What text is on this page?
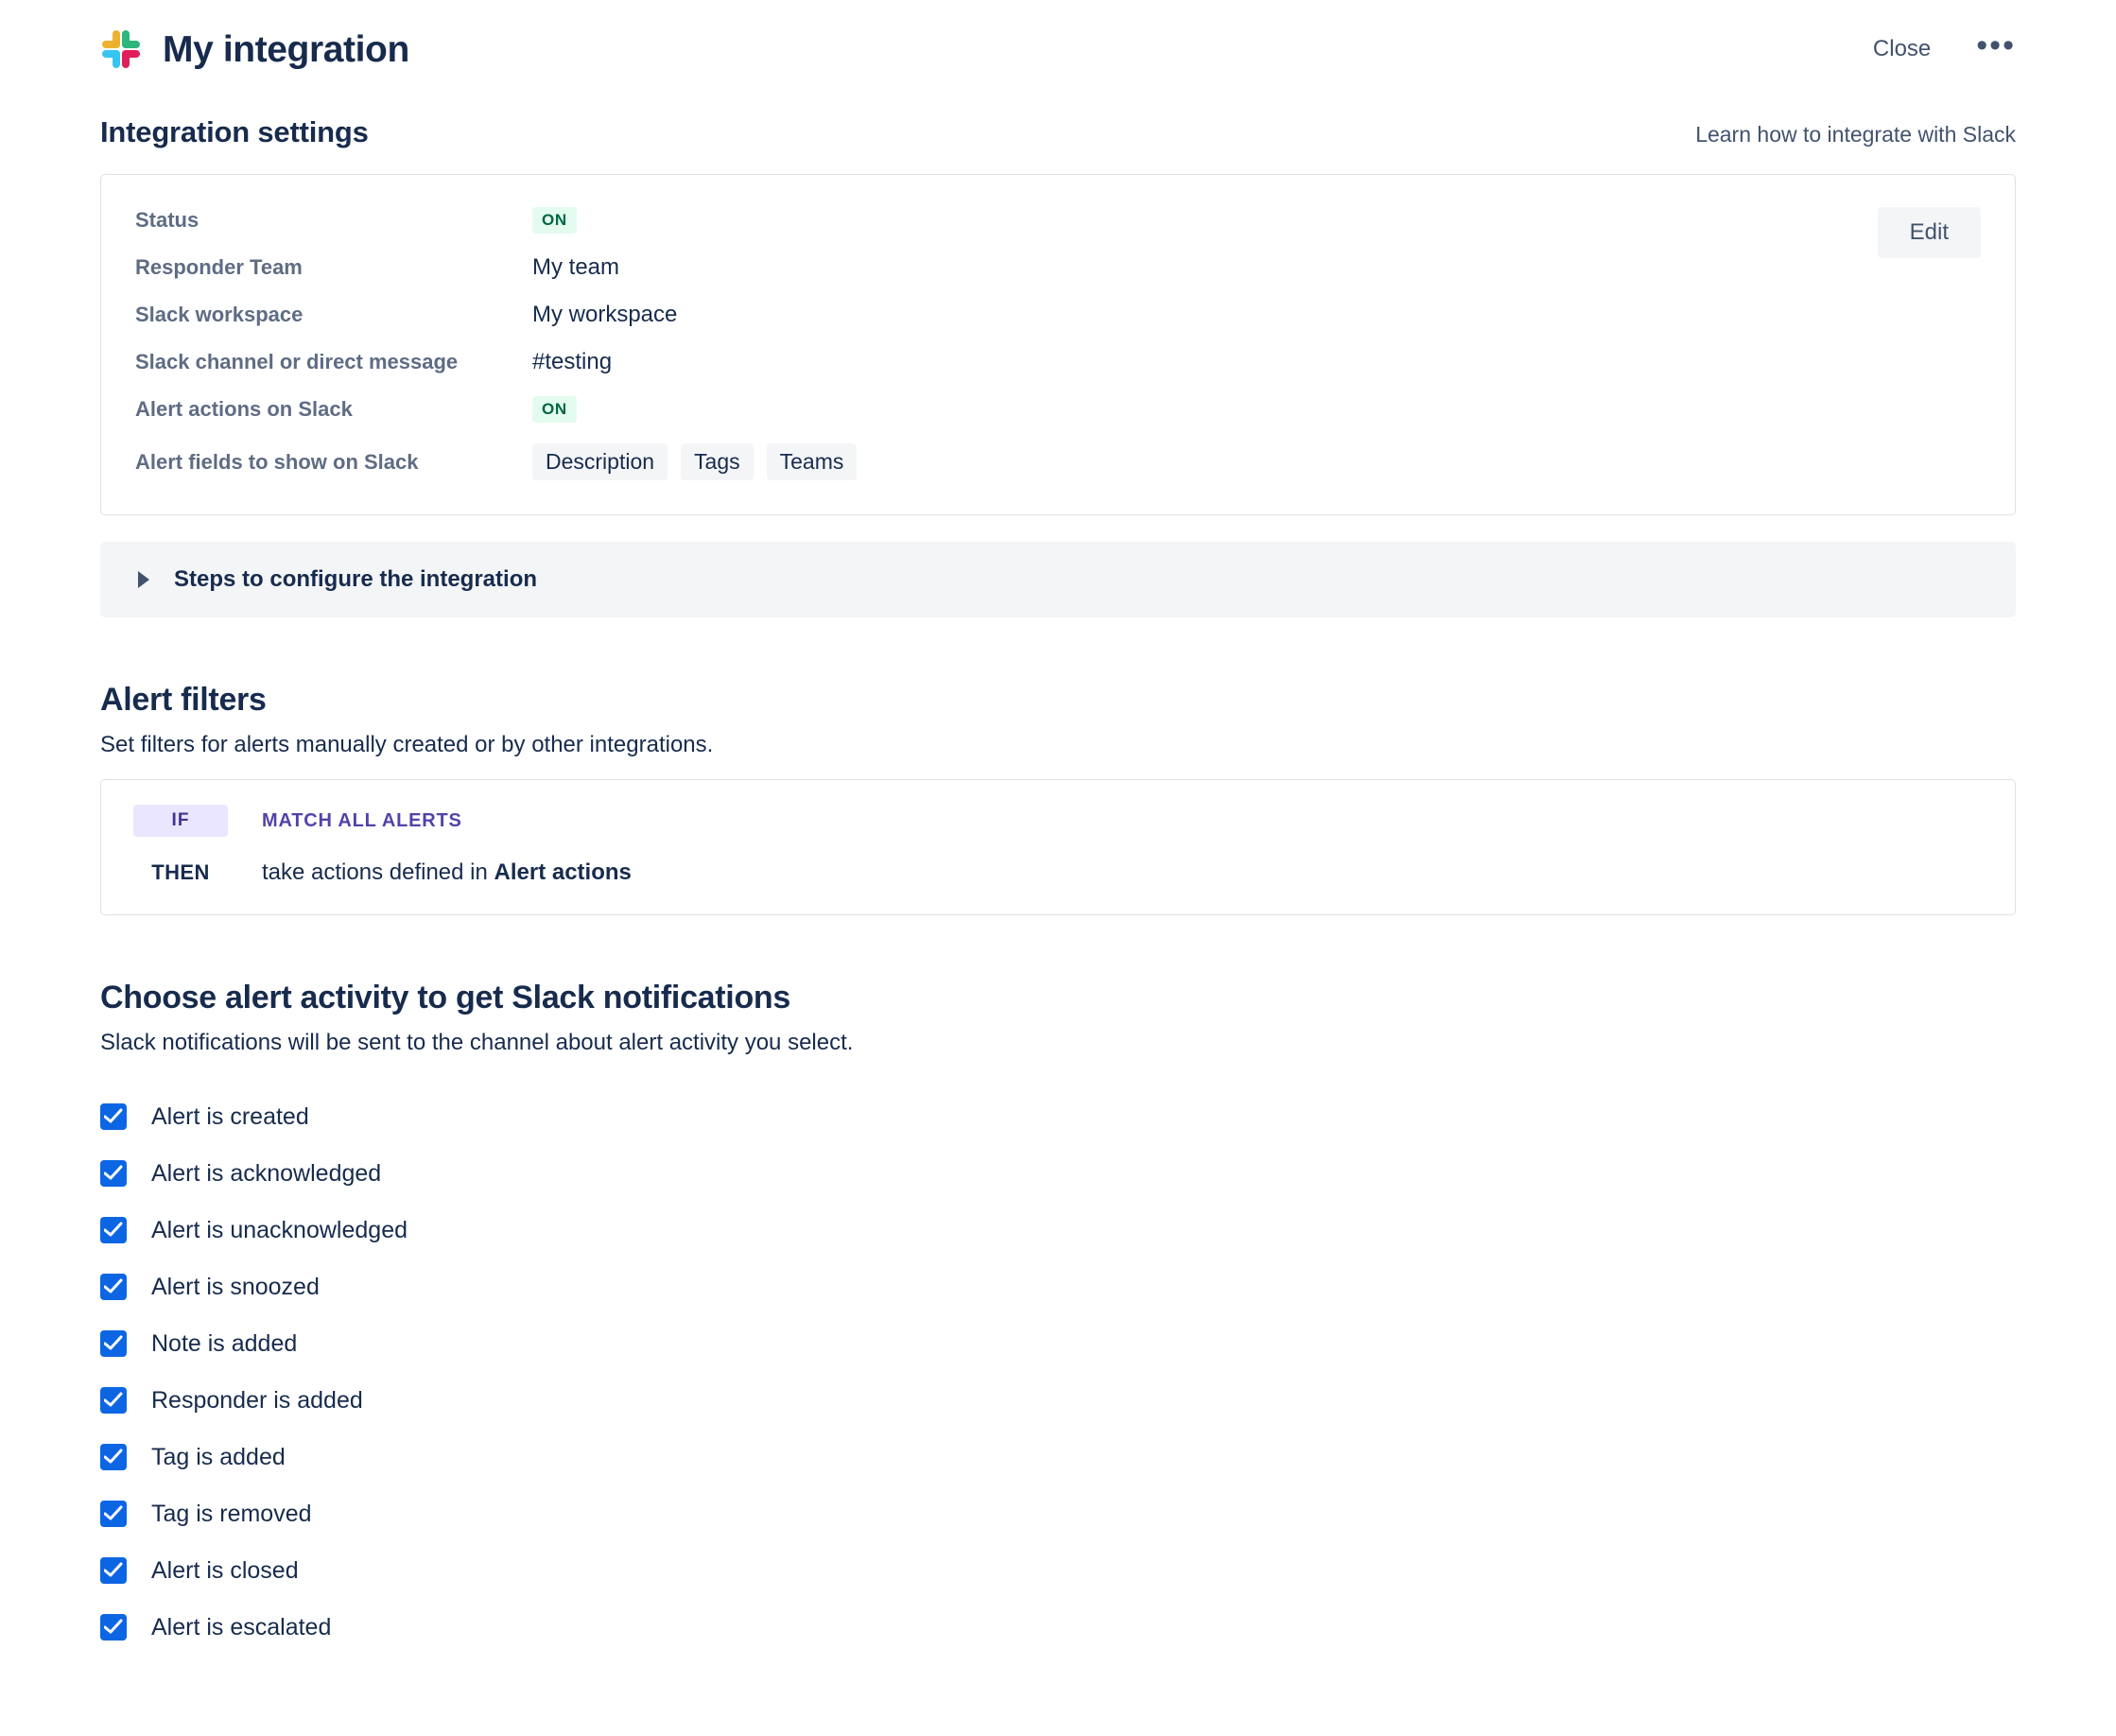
My integration	Close •••
Integration settings	Learn how to integrate with Slack
Status	ON
Responder Team	My team
Slack workspace	My workspace
Slack channel or direct message	#testing
Alert actions on Slack	ON
Alert fields to show on Slack	Description	Tags	Teams
Edit
Steps to configure the integration
Alert filters
Set filters for alerts manually created or by other integrations.
IF	MATCH ALL ALERTS
THEN	take actions defined in Alert actions
Choose alert activity to get Slack notifications
Slack notifications will be sent to the channel about alert activity you select.
Alert is created
Alert is acknowledged
Alert is unacknowledged
Alert is snoozed
Note is added
Responder is added
Tag is added
Tag is removed
Alert is closed
Alert is escalated
